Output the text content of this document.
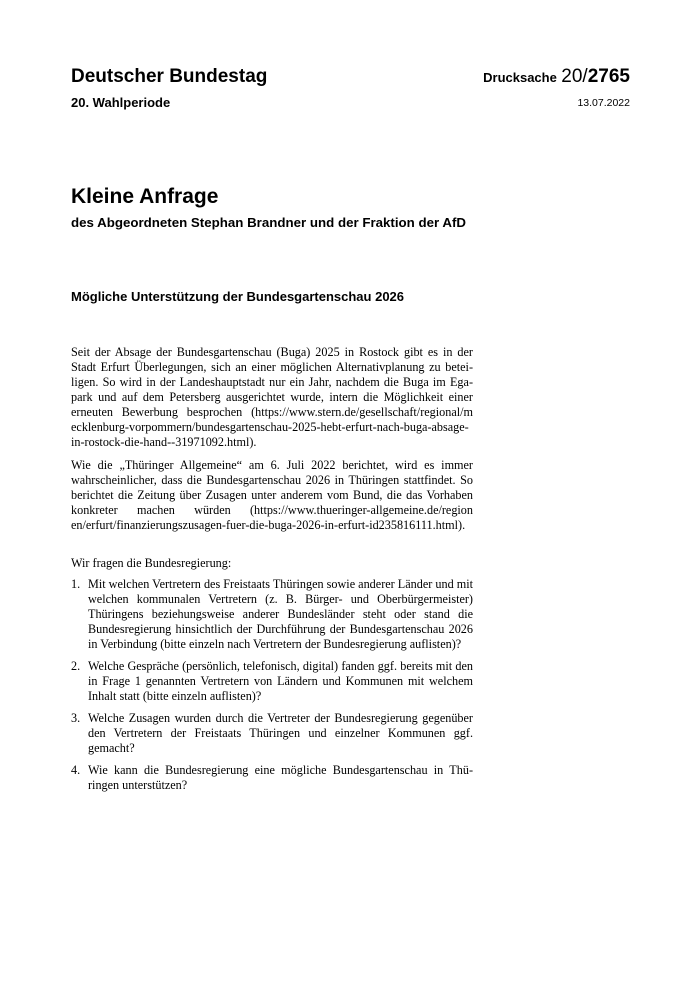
Deutscher Bundestag
20. Wahlperiode
Drucksache 20/2765
13.07.2022
Kleine Anfrage
des Abgeordneten Stephan Brandner und der Fraktion der AfD
Mögliche Unterstützung der Bundesgartenschau 2026

Seit der Absage der Bundesgartenschau (Buga) 2025 in Rostock gibt es in der Stadt Erfurt Überlegungen, sich an einer möglichen Alternativplanung zu beteiligen. So wird in der Landeshauptstadt nur ein Jahr, nachdem die Buga im Egapark und auf dem Petersberg ausgerichtet wurde, intern die Möglichkeit einer erneuten Bewerbung besprochen (https://www.stern.de/gesellschaft/regional/m​ecklenburg-vorpommern/bundesgartenschau-2025-hebt-erfurt-nach-buga-absag​e-in-rostock-die-hand--31971092.html).

Wie die „Thüringer Allgemeine“ am 6. Juli 2022 berichtet, wird es immer wahrscheinlicher, dass die Bundesgartenschau 2026 in Thüringen stattfindet. So berichtet die Zeitung über Zusagen unter anderem vom Bund, die das Vorhaben konkreter machen würden (https://www.thueringer-allgemeine.de/region​en/erfurt/finanzierungszusagen-fuer-die-buga-2026-in-erfurt-id23581611​1.html).

Wir fragen die Bundesregierung:

1. Mit welchen Vertretern des Freistaats Thüringen sowie anderer Länder und mit welchen kommunalen Vertretern (z. B. Bürger- und Oberbürgermeister) Thüringens beziehungsweise anderer Bundesländer steht oder stand die Bundesregierung hinsichtlich der Durchführung der Bundesgartenschau 2026 in Verbindung (bitte einzeln nach Vertretern der Bundesregierung auflisten)?
2. Welche Gespräche (persönlich, telefonisch, digital) fanden ggf. bereits mit den in Frage 1 genannten Vertretern von Ländern und Kommunen mit welchem Inhalt statt (bitte einzeln auflisten)?
3. Welche Zusagen wurden durch die Vertreter der Bundesregierung gegenüber den Vertretern der Freistaats Thüringen und einzelner Kommunen ggf. gemacht?
4. Wie kann die Bundesregierung eine mögliche Bundesgartenschau in Thüringen unterstützen?
